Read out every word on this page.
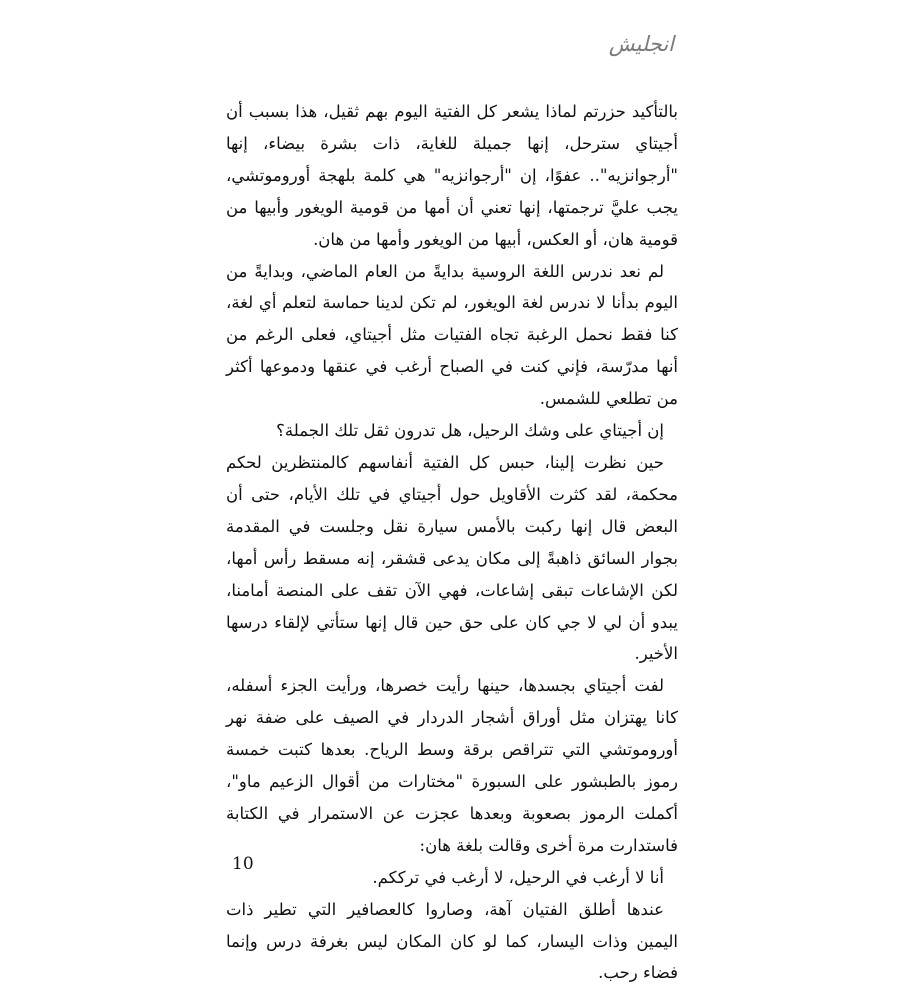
انجليش

بالتأكيد حزرتم لماذا يشعر كل الفتية اليوم بهم ثقيل، هذا بسبب أن أجيتاي سترحل، إنها جميلة للغاية، ذات بشرة بيضاء، إنها "أرجوانزيه".. عفوًا، إن "أرجوانزيه" هي كلمة بلهجة أوروموتشي، يجب عليَّ ترجمتها، إنها تعني أن أمها من قومية الويغور وأبيها من قومية هان، أو العكس، أبيها من الويغور وأمها من هان.

لم نعد ندرس اللغة الروسية بدايةً من العام الماضي، وبدايةً من اليوم بدأنا لا ندرس لغة الويغور، لم تكن لدينا حماسة لتعلم أي لغة، كنا فقط نحمل الرغبة تجاه الفتيات مثل أجيتاي، فعلى الرغم من أنها مدرّسة، فإني كنت في الصباح أرغب في عنقها ودموعها أكثر من تطلعي للشمس.

إن أجيتاي على وشك الرحيل، هل تدرون ثقل تلك الجملة؟

حين نظرت إلينا، حبس كل الفتية أنفاسهم كالمنتظرين لحكم محكمة، لقد كثرت الأقاويل حول أجيتاي في تلك الأيام، حتى أن البعض قال إنها ركبت بالأمس سيارة نقل وجلست في المقدمة بجوار السائق ذاهبةً إلى مكان يدعى قشقر، إنه مسقط رأس أمها، لكن الإشاعات تبقى إشاعات، فهي الآن تقف على المنصة أمامنا، يبدو أن لي لا جي كان على حق حين قال إنها ستأتي لإلقاء درسها الأخير.

لفت أجيتاي بجسدها، حينها رأيت خصرها، ورأيت الجزء أسفله، كانا يهتزان مثل أوراق أشجار الدردار في الصيف على ضفة نهر أوروموتشي التي تتراقص برقة وسط الرياح. بعدها كتبت خمسة رموز بالطبشور على السبورة "مختارات من أقوال الزعيم ماو"، أكملت الرموز بصعوبة وبعدها عجزت عن الاستمرار في الكتابة فاستدارت مرة أخرى وقالت بلغة هان:

أنا لا أرغب في الرحيل، لا أرغب في ترككم.

عندها أطلق الفتيان آهة، وصاروا كالعصافير التي تطير ذات اليمين وذات اليسار، كما لو كان المكان ليس بغرفة درس وإنما فضاء رحب.

10
